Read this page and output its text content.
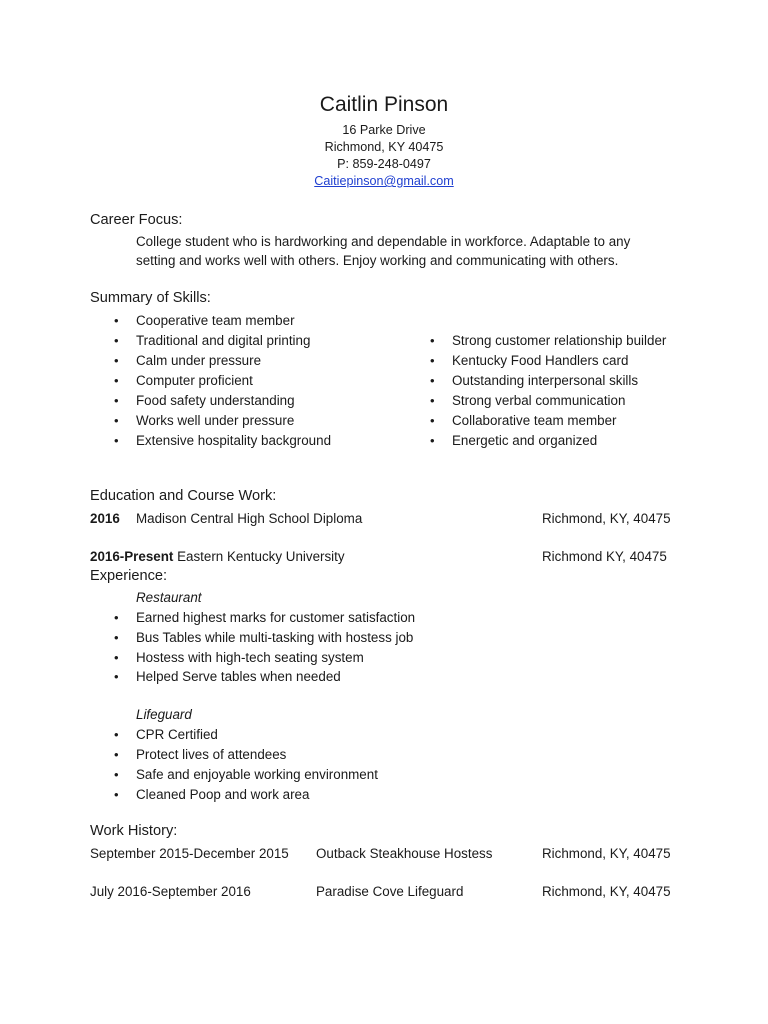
Caitlin Pinson
16 Parke Drive
Richmond, KY 40475
P: 859-248-0497
Caitiepinson@gmail.com
Career Focus:
College student who is hardworking and dependable in workforce. Adaptable to any
setting and works well with others. Enjoy working and communicating with others.
Summary of Skills:
• Cooperative team member
• Traditional and digital printing
• Calm under pressure
• Computer proficient
• Food safety understanding
• Works well under pressure
• Extensive hospitality background
• Strong customer relationship builder
• Kentucky Food Handlers card
• Outstanding interpersonal skills
• Strong verbal communication
• Collaborative team member
• Energetic and organized
Education and Course Work:
2016 Madison Central High School Diploma	Richmond, KY, 40475
2016-Present Eastern Kentucky University	Richmond KY, 40475
Experience:
Restaurant
• Earned highest marks for customer satisfaction
• Bus Tables while multi-tasking with hostess job
• Hostess with high-tech seating system
• Helped Serve tables when needed
Lifeguard
• CPR Certified
• Protect lives of attendees
• Safe and enjoyable working environment
• Cleaned Poop and work area
Work History:
September 2015-December 2015 Outback Steakhouse Hostess	Richmond, KY, 40475
July 2016-September 2016	Paradise Cove Lifeguard	Richmond, KY, 40475
